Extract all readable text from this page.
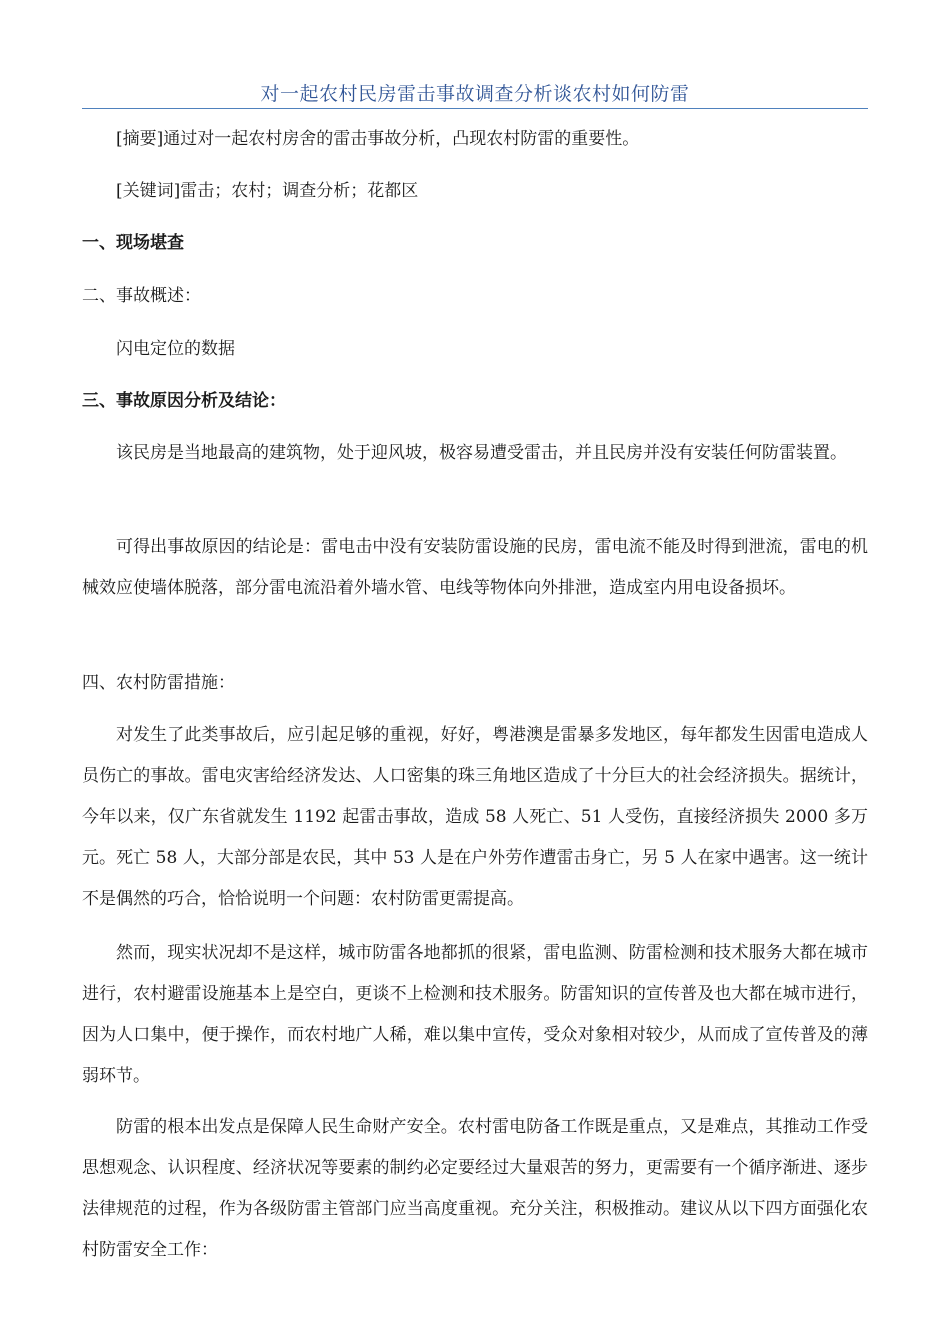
对一起农村民房雷击事故调查分析谈农村如何防雷

[摘要]通过对一起农村房舍的雷击事故分析，凸现农村防雷的重要性。

[关键词]雷击；农村；调查分析；花都区

一、现场堪查

二、事故概述：

闪电定位的数据

三、事故原因分析及结论：

该民房是当地最高的建筑物，处于迎风坡，极容易遭受雷击，并且民房并没有安装任何防雷装置。

可得出事故原因的结论是：雷电击中没有安装防雷设施的民房，雷电流不能及时得到泄流，雷电的机械效应使墙体脱落，部分雷电流沿着外墙水管、电线等物体向外排泄，造成室内用电设备损坏。

四、农村防雷措施：

对发生了此类事故后，应引起足够的重视，好好，粤港澳是雷暴多发地区，每年都发生因雷电造成人员伤亡的事故。雷电灾害给经济发达、人口密集的珠三角地区造成了十分巨大的社会经济损失。据统计，今年以来，仅广东省就发生 1192 起雷击事故，造成 58 人死亡、51 人受伤，直接经济损失 2000 多万元。死亡 58 人，大部分部是农民，其中 53 人是在户外劳作遭雷击身亡，另 5 人在家中遇害。这一统计不是偶然的巧合，恰恰说明一个问题：农村防雷更需提高。

然而，现实状况却不是这样，城市防雷各地都抓的很紧，雷电监测、防雷检测和技术服务大都在城市进行，农村避雷设施基本上是空白，更谈不上检测和技术服务。防雷知识的宣传普及也大都在城市进行，因为人口集中，便于操作，而农村地广人稀，难以集中宣传，受众对象相对较少，从而成了宣传普及的薄弱环节。

防雷的根本出发点是保障人民生命财产安全。农村雷电防备工作既是重点，又是难点，其推动工作受思想观念、认识程度、经济状况等要素的制约必定要经过大量艰苦的努力，更需要有一个循序渐进、逐步法律规范的过程，作为各级防雷主管部门应当高度重视。充分关注，积极推动。建议从以下四方面强化农村防雷安全工作：
